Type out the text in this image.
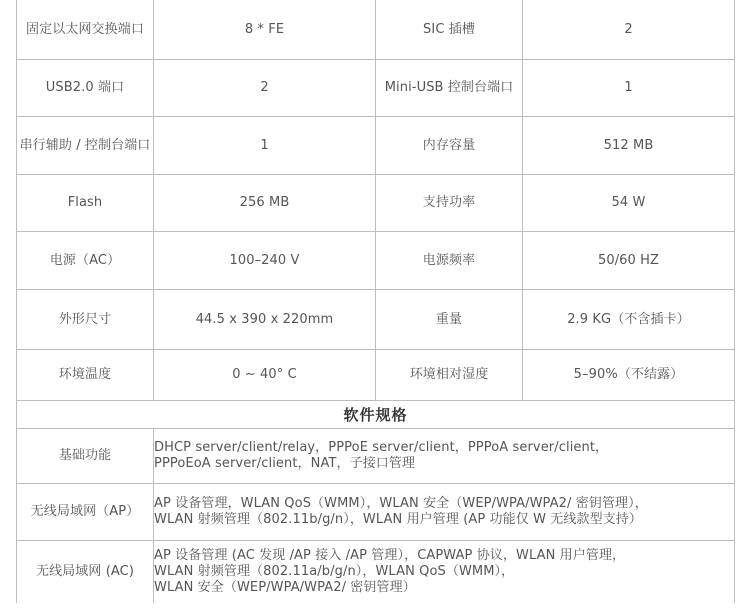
固定以太网交换端口	8 * FE	SIC 插槽	2
USB2.0 端口	2	Mini-USB 控制台端口	1
串行辅助 / 控制台端口	1	内存容量	512 MB
Flash	256 MB	支持功率	54 W
电源（AC）	100–240 V	电源频率	50/60 HZ
外形尺寸	44.5 x 390 x 220mm	重量	2.9 KG（不含插卡）
环境温度	0 ~ 40° C	环境相对湿度	5–90%（不结露）
软件规格			
基础功能	DHCP server/client/relay，PPPoE server/client，PPPoA server/client，
PPPoEoA server/client，NAT，子接口管理		

无线局域网（AP）	AP 设备管理，WLAN QoS（WMM），WLAN 安全（WEP/WPA/WPA2/ 密钥管理），
WLAN 射频管理（802.11b/g/n），WLAN 用户管理 (AP 功能仅 W 无线款型支持）		

无线局域网 (AC)	AP 设备管理 (AC 发现 /AP 接入 /AP 管理），CAPWAP 协议，WLAN 用户管理，
WLAN 射频管理（802.11a/b/g/n），WLAN QoS（WMM），
WLAN 安全（WEP/WPA/WPA2/ 密钥管理）		
